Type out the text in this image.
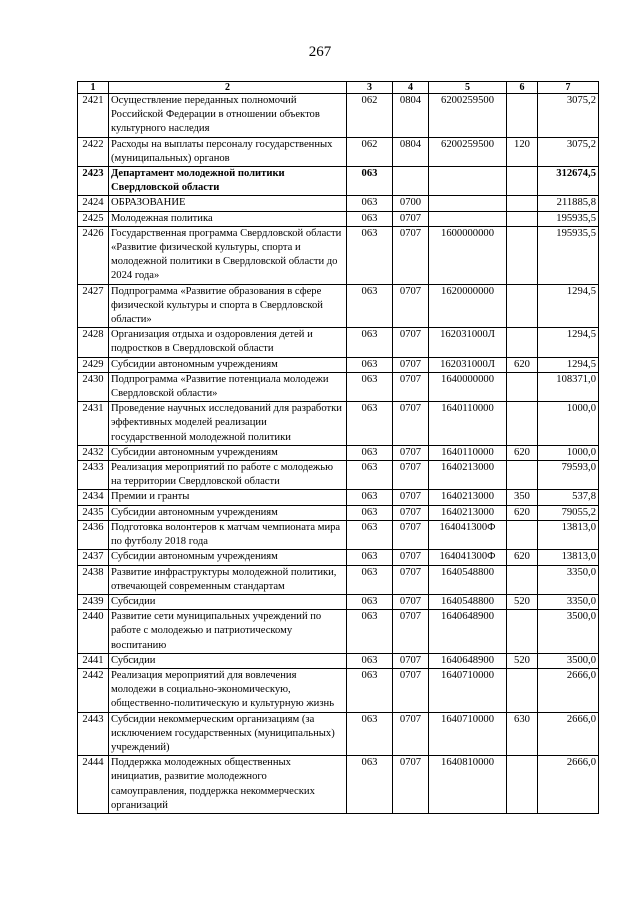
267
1	2	3	4	5	6	7
2421	Осуществление переданных полномочий Российской Федерации в отношении объектов культурного наследия	062	0804	6200259500		3075,2
2422	Расходы на выплаты персоналу государственных (муниципальных) органов	062	0804	6200259500	120	3075,2
2423	Департамент молодежной политики Свердловской области	063				312674,5
2424	ОБРАЗОВАНИЕ	063	0700			211885,8
2425	Молодежная политика	063	0707			195935,5
2426	Государственная программа Свердловской области «Развитие физической культуры, спорта и молодежной политики в Свердловской области до 2024 года»	063	0707	1600000000		195935,5
2427	Подпрограмма «Развитие образования в сфере физической культуры и спорта в Свердловской области»	063	0707	1620000000		1294,5
2428	Организация отдыха и оздоровления детей и подростков в Свердловской области	063	0707	162031000Л		1294,5
2429	Субсидии автономным учреждениям	063	0707	162031000Л	620	1294,5
2430	Подпрограмма «Развитие потенциала молодежи Свердловской области»	063	0707	1640000000		108371,0
2431	Проведение научных исследований для разработки эффективных моделей реализации государственной молодежной политики	063	0707	1640110000		1000,0
2432	Субсидии автономным учреждениям	063	0707	1640110000	620	1000,0
2433	Реализация мероприятий по работе с молодежью на территории Свердловской области	063	0707	1640213000		79593,0
2434	Премии и гранты	063	0707	1640213000	350	537,8
2435	Субсидии автономным учреждениям	063	0707	1640213000	620	79055,2
2436	Подготовка волонтеров к матчам чемпионата мира по футболу 2018 года	063	0707	164041300Ф		13813,0
2437	Субсидии автономным учреждениям	063	0707	164041300Ф	620	13813,0
2438	Развитие инфраструктуры молодежной политики, отвечающей современным стандартам	063	0707	1640548800		3350,0
2439	Субсидии	063	0707	1640548800	520	3350,0
2440	Развитие сети муниципальных учреждений по работе с молодежью и патриотическому воспитанию	063	0707	1640648900		3500,0
2441	Субсидии	063	0707	1640648900	520	3500,0
2442	Реализация мероприятий для вовлечения молодежи в социально-экономическую, общественно-политическую и культурную жизнь	063	0707	1640710000		2666,0
2443	Субсидии некоммерческим организациям (за исключением государственных (муниципальных) учреждений)	063	0707	1640710000	630	2666,0
2444	Поддержка молодежных общественных инициатив, развитие молодежного самоуправления, поддержка некоммерческих организаций	063	0707	1640810000		2666,0
